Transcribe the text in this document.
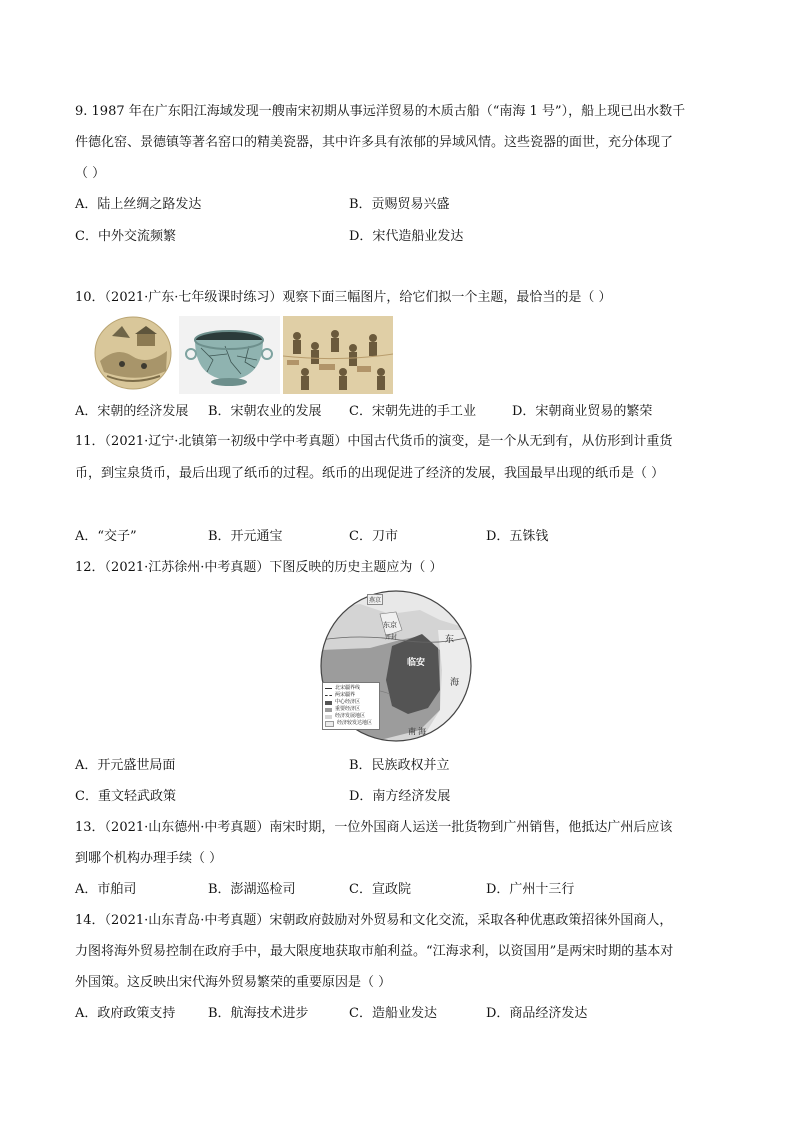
9. 1987 年在广东阳江海域发现一艘南宋初期从事远洋贸易的木质古船（“南海 1 号”），船上现已出水数千
件德化窑、景德镇等著名窑口的精美瓷器，其中许多具有浓郁的异域风情。这些瓷器的面世，充分体现了
（ ）
A．陆上丝绸之路发达	B．贡赐贸易兴盛
C．中外交流频繁	D．宋代造船业发达
10．（2021·广东·七年级课时练习）观察下面三幅图片，给它们拟一个主题，最恰当的是（ ）
A．宋朝的经济发展 B．宋朝农业的发展 C．宋朝先进的手工业	D．宋朝商业贸易的繁荣
11．（2021·辽宁·北镇第一初级中学中考真题）中国古代货币的演变，是一个从无到有，从仿形到计重货
币，到宝泉货币，最后出现了纸币的过程。纸币的出现促进了经济的发展，我国最早出现的纸币是（ ）
A．“交子”	B．开元通宝	C．刀市	D．五铢钱
12．（2021·江苏徐州·中考真题）下图反映的历史主题应为（ ）
燕京
东京
开封
临安
东
海
南 海
北宋疆界线
两宋疆界
中心经济区
重要经济区
经济发展地区
经济较发达地区
A．开元盛世局面	B．民族政权并立
C．重文轻武政策	D．南方经济发展
13．（2021·山东德州·中考真题）南宋时期，一位外国商人运送一批货物到广州销售，他抵达广州后应该
到哪个机构办理手续（ ）
A．市舶司	B．澎湖巡检司	C．宣政院	D．广州十三行
14．（2021·山东青岛·中考真题）宋朝政府鼓励对外贸易和文化交流，采取各种优惠政策招徕外国商人，
力图将海外贸易控制在政府手中，最大限度地获取市舶利益。“江海求利，以资国用”是两宋时期的基本对
外国策。这反映出宋代海外贸易繁荣的重要原因是（ ）
A．政府政策支持	B．航海技术进步	C．造船业发达	D．商品经济发达
